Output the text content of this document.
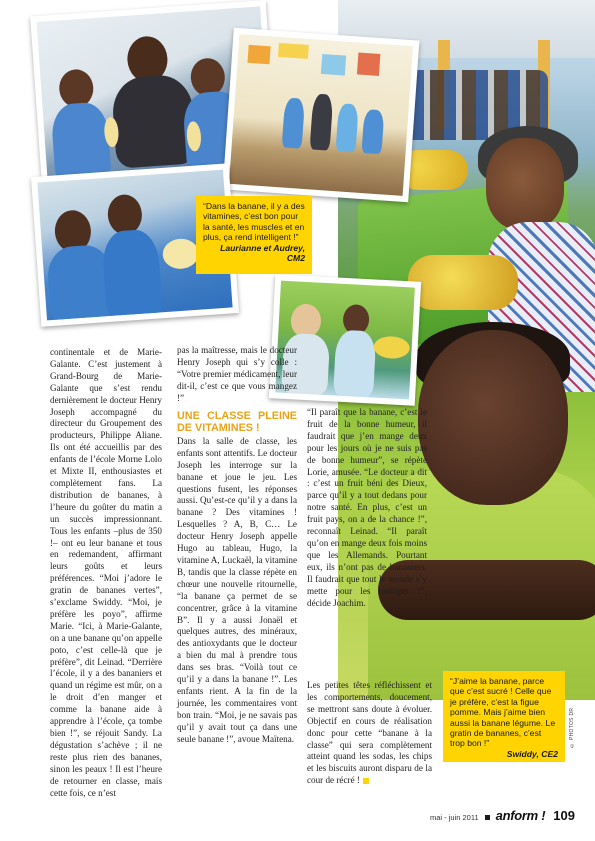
“Dans la banane, il y a des vitamines, c’est bon pour la santé, les muscles et en plus, ça rend intelligent !”
Laurianne et Audrey,
CM2
“J’aime la banane, parce que c’est sucré ! Celle que je préfère, c’est la figue pomme. Mais j’aime bien aussi la banane légume. Le gratin de bananes, c’est trop bon !”
Swiddy, CE2
© PHOTOS DR

continentale et de Marie-Galante. C’est justement à Grand-Bourg de Marie-Galante que s’est rendu dernièrement le docteur Henry Joseph accompagné du directeur du Groupement des producteurs, Philippe Aliane. Ils ont été accueillis par des enfants de l’école Morne Lolo et Mixte II, enthousiastes et complètement fans. La distribution de bananes, à l’heure du goûter du matin a un succès impressionnant. Tous les enfants –plus de 350 !– ont eu leur banane et tous en redemandent, affirmant leurs goûts et leurs préférences. “Moi j’adore le gratin de bananes vertes”, s’exclame Swiddy. “Moi, je préfère les poyo”, affirme Marie. “Ici, à Marie-Galante, on a une banane qu’on appelle poto, c’est celle-là que je préfère”, dit Leinad. “Derrière l’école, il y a des bananiers et quand un régime est mûr, on a le droit d’en manger et comme la banane aide à apprendre à l’école, ça tombe bien !”, se réjouit Sandy. La dégustation s’achève ; il ne reste plus rien des bananes, sinon les peaux ! Il est l’heure de retourner en classe, mais cette fois, ce n’est

pas la maîtresse, mais le docteur Henry Joseph qui s’y colle : “Votre premier médicament, leur dit-il, c’est ce que vous mangez !”

UNE CLASSE PLEINE DE VITAMINES !

Dans la salle de classe, les enfants sont attentifs. Le docteur Joseph les interroge sur la banane et joue le jeu. Les questions fusent, les réponses aussi. Qu’est-ce qu’il y a dans la banane ? Des vitamines ! Lesquelles ? A, B, C… Le docteur Henry Joseph appelle Hugo au tableau, Hugo, la vitamine A, Luckaël, la vitamine B, tandis que la classe répète en chœur une nouvelle ritournelle, “la banane ça permet de se concentrer, grâce à la vitamine B”. Il y a aussi Jonaël et quelques autres, des minéraux, des antioxydants que le docteur a bien du mal à prendre tous dans ses bras. “Voilà tout ce qu’il y a dans la banane !”. Les enfants rient. A la fin de la journée, les commentaires vont bon train. “Moi, je ne savais pas qu’il y avait tout ça dans une seule banane !”, avoue Maïtena.

“Il paraît que la banane, c’est le fruit de la bonne humeur, il faudrait que j’en mange deux pour les jours où je ne suis pas de bonne humeur”, se répète Lorie, amusée. “Le docteur a dit : c’est un fruit béni des Dieux, parce qu’il y a tout dedans pour notre santé. En plus, c’est un fruit pays, on a de la chance !”, reconnaît Leinad. “Il paraît qu’on en mange deux fois moins que les Allemands. Pourtant eux, ils n’ont pas de bananiers. Il faudrait que tout le monde s’y mette pour les rattraper !”, décide Joachim.

Les petites têtes réfléchissent et les comportements, doucement, se mettront sans doute à évoluer. Objectif en cours de réalisation donc pour cette “banane à la classe” qui sera complètement atteint quand les sodas, les chips et les biscuits auront disparu de la cour de récré !

mai - juin 2011 anform ! 109
